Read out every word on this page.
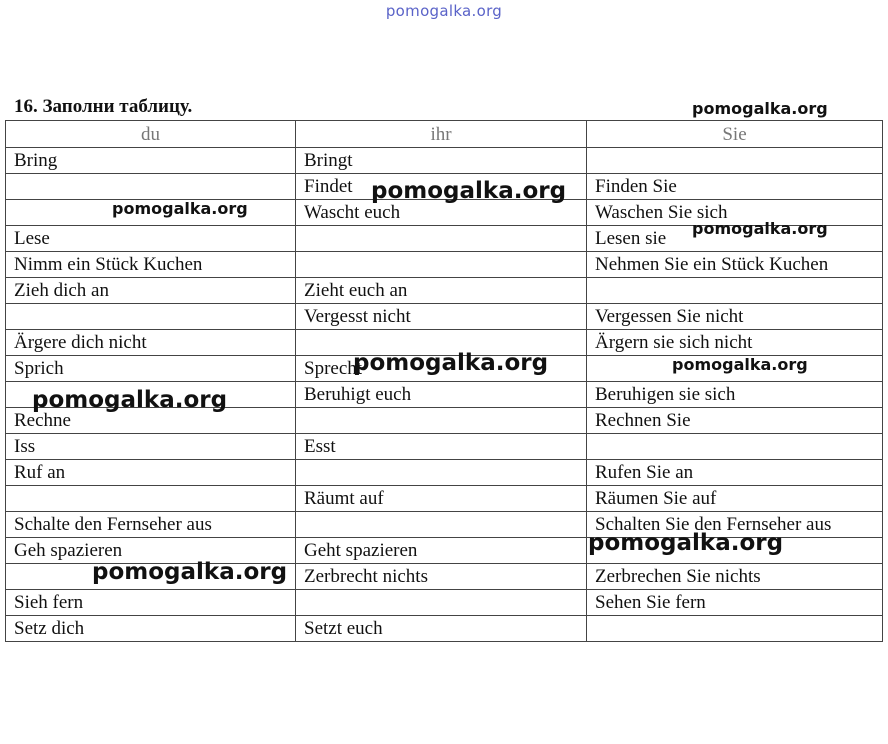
pomogalka.org
16. Заполни таблицу.
du	ihr	Sie
Bring	Bringt	
	Findet	Finden Sie
	Wascht euch	Waschen Sie sich
Lese		Lesen sie
Nimm ein Stück Kuchen		Nehmen Sie ein Stück Kuchen
Zieh dich an	Zieht euch an	
	Vergesst nicht	Vergessen Sie nicht
Ärgere dich nicht		Ärgern sie sich nicht
Sprich	Sprecht	
	Beruhigt euch	Beruhigen sie sich
Rechne		Rechnen Sie
Iss	Esst	
Ruf an		Rufen Sie an
	Räumt auf	Räumen Sie auf
Schalte den Fernseher aus		Schalten Sie den Fernseher aus
Geh spazieren	Geht spazieren	
	Zerbrecht nichts	Zerbrechen Sie nichts
Sieh fern		Sehen Sie fern
Setz dich	Setzt euch	
pomogalka.org
pomogalka.org
pomogalka.org
pomogalka.org
pomogalka.org	pomogalka.org
pomogalka.org
pomogalka.org
pomogalka.org
